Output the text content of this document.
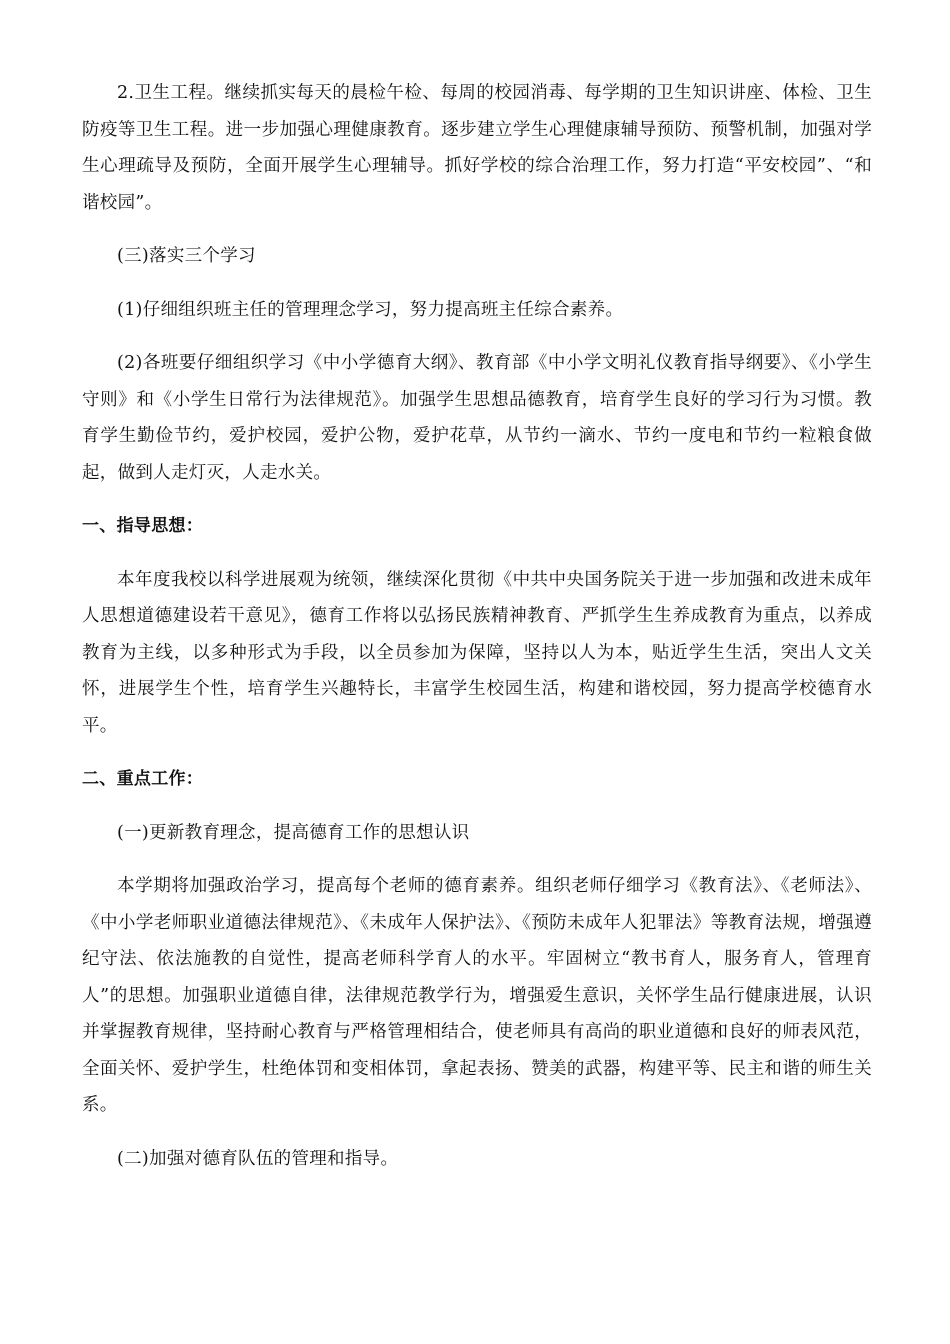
2.卫生工程。继续抓实每天的晨检午检、每周的校园消毒、每学期的卫生知识讲座、体检、卫生防疫等卫生工程。进一步加强心理健康教育。逐步建立学生心理健康辅导预防、预警机制，加强对学生心理疏导及预防，全面开展学生心理辅导。抓好学校的综合治理工作，努力打造“平安校园”、“和谐校园”。

(三)落实三个学习

(1)仔细组织班主任的管理理念学习，努力提高班主任综合素养。

(2)各班要仔细组织学习《中小学德育大纲》、教育部《中小学文明礼仪教育指导纲要》、《小学生守则》和《小学生日常行为法律规范》。加强学生思想品德教育，培育学生良好的学习行为习惯。教育学生勤俭节约，爱护校园，爱护公物，爱护花草，从节约一滴水、节约一度电和节约一粒粮食做起，做到人走灯灭，人走水关。

一、指导思想：

本年度我校以科学进展观为统领，继续深化贯彻《中共中央国务院关于进一步加强和改进未成年人思想道德建设若干意见》，德育工作将以弘扬民族精神教育、严抓学生生养成教育为重点，以养成教育为主线，以多种形式为手段，以全员参加为保障，坚持以人为本，贴近学生生活，突出人文关怀，进展学生个性，培育学生兴趣特长，丰富学生校园生活，构建和谐校园，努力提高学校德育水平。

二、重点工作：

(一)更新教育理念，提高德育工作的思想认识

本学期将加强政治学习，提高每个老师的德育素养。组织老师仔细学习《教育法》、《老师法》、《中小学老师职业道德法律规范》、《未成年人保护法》、《预防未成年人犯罪法》等教育法规，增强遵纪守法、依法施教的自觉性，提高老师科学育人的水平。牢固树立“教书育人，服务育人，管理育人”的思想。加强职业道德自律，法律规范教学行为，增强爱生意识，关怀学生品行健康进展，认识并掌握教育规律，坚持耐心教育与严格管理相结合，使老师具有高尚的职业道德和良好的师表风范，全面关怀、爱护学生，杜绝体罚和变相体罚，拿起表扬、赞美的武器，构建平等、民主和谐的师生关系。

(二)加强对德育队伍的管理和指导。
